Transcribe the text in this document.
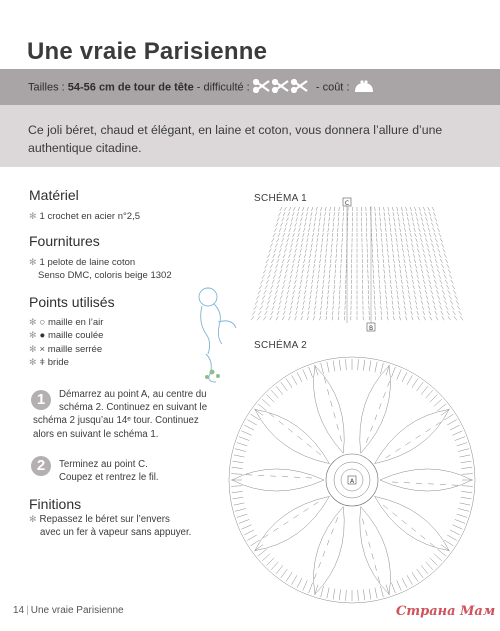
Une vraie Parisienne
Tailles : 54-56 cm de tour de tête - difficulté :	- coût :
Ce joli béret, chaud et élégant, en laine et coton, vous donnera l’allure d’une authentique citadine.
Matériel
✻ 1 crochet en acier n°2,5
Fournitures
✻ 1 pelote de laine coton
Senso DMC, coloris beige 1302
Points utilisés
✻ ○ maille en l’air
✻ ● maille coulée
✻ × maille serrée
✻ ǂ bride
1	Démarrez au point A, au centre du
schéma 2. Continuez en suivant le
schéma 2 jusqu’au 14ᵉ tour. Continuez
alors en suivant le schéma 1.
2	Terminez au point C.
Coupez et rentrez le fil.
Finitions
✻ Repassez le béret sur l’envers
avec un fer à vapeur sans appuyer.
SCHÉMA 1
SCHÉMA 2
C
B
A
14 | Une vraie Parisienne	Страна Мам
